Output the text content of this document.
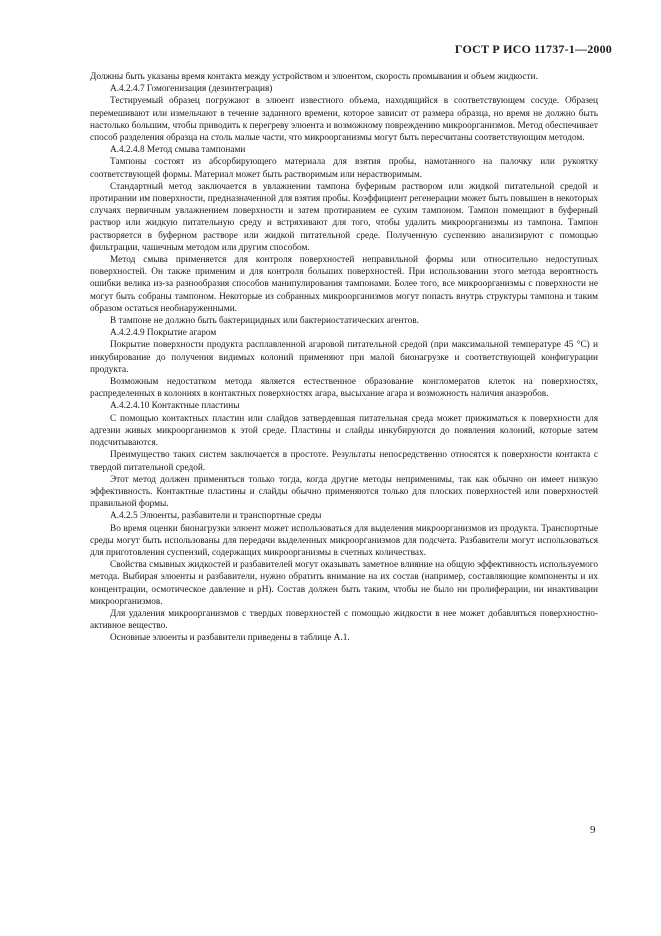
ГОСТ Р ИСО 11737-1—2000

Должны быть указаны время контакта между устройством и элюентом, скорость промывания и объем жидкости.

А.4.2.4.7 Гомогенизация (дезинтеграция)

Тестируемый образец погружают в элюент известного объема, находящийся в соответствующем сосуде. Образец перемешивают или измельчают в течение заданного времени, которое зависит от размера образца, но время не должно быть настолько большим, чтобы приводить к перегреву элюента и возможному повреждению микроорганизмов. Метод обеспечивает способ разделения образца на столь малые части, что микроорганизмы могут быть пересчитаны соответствующим методом.

А.4.2.4.8 Метод смыва тампонами

Тампоны состоят из абсорбирующего материала для взятия пробы, намотанного на палочку или рукоятку соответствующей формы. Материал может быть растворимым или нерастворимым.

Стандартный метод заключается в увлажнении тампона буферным раствором или жидкой питательной средой и протирании им поверхности, предназначенной для взятия пробы. Коэффициент регенерации может быть повышен в некоторых случаях первичным увлажнением поверхности и затем протиранием ее сухим тампоном. Тампон помещают в буферный раствор или жидкую питательную среду и встряхивают для того, чтобы удалить микроорганизмы из тампона. Тампон растворяется в буферном растворе или жидкой питательной среде. Полученную суспензию анализируют с помощью фильтрации, чашечным методом или другим способом.

Метод смыва применяется для контроля поверхностей неправильной формы или относительно недоступных поверхностей. Он также применим и для контроля больших поверхностей. При использовании этого метода вероятность ошибки велика из-за разнообразия способов манипулирования тампонами. Более того, все микроорганизмы с поверхности не могут быть собраны тампоном. Некоторые из собранных микроорганизмов могут попасть внутрь структуры тампона и таким образом остаться необнаруженными.

В тампоне не должно быть бактерицидных или бактериостатических агентов.

А.4.2.4.9 Покрытие агаром

Покрытие поверхности продукта расплавленной агаровой питательной средой (при максимальной температуре 45 °С) и инкубирование до получения видимых колоний применяют при малой бионагрузке и соответствующей конфигурации продукта.

Возможным недостатком метода является естественное образование конгломератов клеток на поверхностях, распределенных в колониях в контактных поверхностях агара, высыхание агара и возможность наличия анаэробов.

А.4.2.4.10 Контактные пластины

С помощью контактных пластин или слайдов затвердевшая питательная среда может прижиматься к поверхности для адгезии живых микроорганизмов к этой среде. Пластины и слайды инкубируются до появления колоний, которые затем подсчитываются.

Преимущество таких систем заключается в простоте. Результаты непосредственно относятся к поверхности контакта с твердой питательной средой.

Этот метод должен применяться только тогда, когда другие методы неприменимы, так как обычно он имеет низкую эффективность. Контактные пластины и слайды обычно применяются только для плоских поверхностей или поверхностей правильной формы.

А.4.2.5 Элюенты, разбавители и транспортные среды

Во время оценки бионагрузки элюент может использоваться для выделения микроорганизмов из продукта. Транспортные среды могут быть использованы для передачи выделенных микроорганизмов для подсчета. Разбавители могут использоваться для приготовления суспензий, содержащих микроорганизмы в счетных количествах.

Свойства смывных жидкостей и разбавителей могут оказывать заметное влияние на общую эффективность используемого метода. Выбирая элюенты и разбавители, нужно обратить внимание на их состав (например, составляющие компоненты и их концентрации, осмотическое давление и pH). Состав должен быть таким, чтобы не было ни пролиферации, ни инактивации микроорганизмов.

Для удаления микроорганизмов с твердых поверхностей с помощью жидкости в нее может добавляться поверхностно-активное вещество.

Основные элюенты и разбавители приведены в таблице А.1.

9
